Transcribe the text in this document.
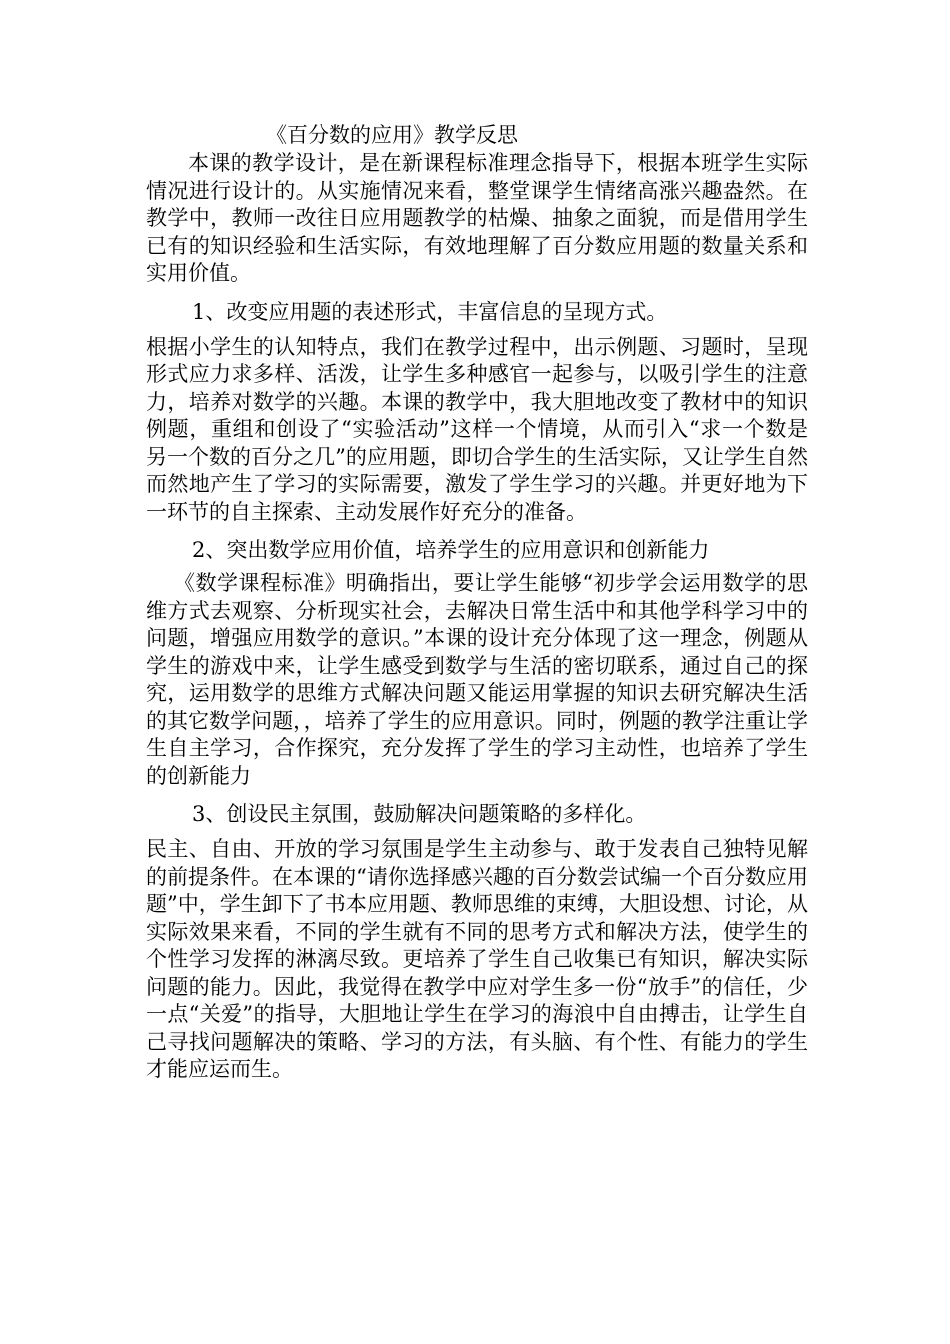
《百分数的应用》教学反思

本课的教学设计，是在新课程标准理念指导下，根据本班学生实际情况进行设计的。从实施情况来看，整堂课学生情绪高涨兴趣盎然。在教学中，教师一改往日应用题教学的枯燥、抽象之面貌，而是借用学生已有的知识经验和生活实际，有效地理解了百分数应用题的数量关系和实用价值。

1、改变应用题的表述形式，丰富信息的呈现方式。

根据小学生的认知特点，我们在教学过程中，出示例题、习题时，呈现形式应力求多样、活泼，让学生多种感官一起参与，以吸引学生的注意力，培养对数学的兴趣。本课的教学中，我大胆地改变了教材中的知识例题，重组和创设了“实验活动”这样一个情境，从而引入“求一个数是另一个数的百分之几”的应用题，即切合学生的生活实际，又让学生自然而然地产生了学习的实际需要，激发了学生学习的兴趣。并更好地为下一环节的自主探索、主动发展作好充分的准备。

2、突出数学应用价值，培养学生的应用意识和创新能力

《数学课程标准》明确指出，要让学生能够“初步学会运用数学的思维方式去观察、分析现实社会，去解决日常生活中和其他学科学习中的问题，增强应用数学的意识。”本课的设计充分体现了这一理念，例题从学生的游戏中来，让学生感受到数学与生活的密切联系，通过自己的探究，运用数学的思维方式解决问题又能运用掌握的知识去研究解决生活的其它数学问题，，培养了学生的应用意识。同时，例题的教学注重让学生自主学习，合作探究，充分发挥了学生的学习主动性，也培养了学生的创新能力

3、创设民主氛围，鼓励解决问题策略的多样化。

民主、自由、开放的学习氛围是学生主动参与、敢于发表自己独特见解的前提条件。在本课的“请你选择感兴趣的百分数尝试编一个百分数应用题”中，学生卸下了书本应用题、教师思维的束缚，大胆设想、讨论，从实际效果来看，不同的学生就有不同的思考方式和解决方法，使学生的个性学习发挥的淋漓尽致。更培养了学生自己收集已有知识，解决实际问题的能力。因此，我觉得在教学中应对学生多一份“放手”的信任，少一点“关爱”的指导，大胆地让学生在学习的海浪中自由搏击，让学生自己寻找问题解决的策略、学习的方法，有头脑、有个性、有能力的学生才能应运而生。
